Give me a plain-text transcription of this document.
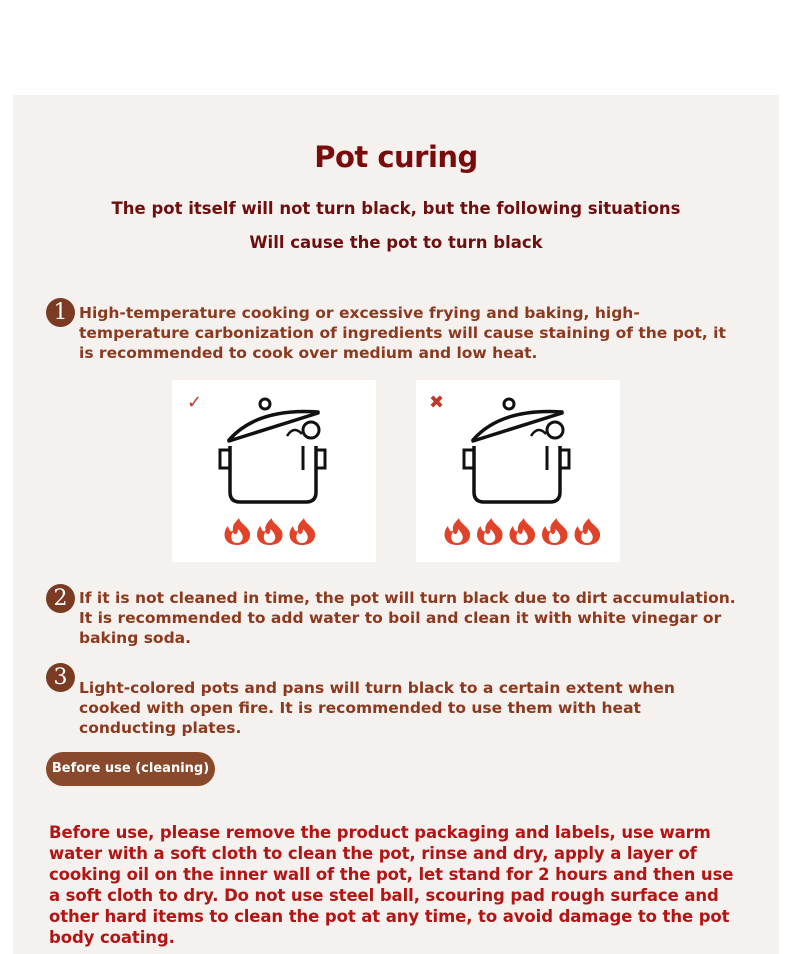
Pot curing
The pot itself will not turn black, but the following situations
Will cause the pot to turn black
1 High-temperature cooking or excessive frying and baking, high-temperature carbonization of ingredients will cause staining of the pot, it is recommended to cook over medium and low heat.
✓	✖
2 If it is not cleaned in time, the pot will turn black due to dirt accumulation. It is recommended to add water to boil and clean it with white vinegar or baking soda.
3 Light-colored pots and pans will turn black to a certain extent when cooked with open fire. It is recommended to use them with heat conducting plates.
Before use (cleaning)
Before use, please remove the product packaging and labels, use warm water with a soft cloth to clean the pot, rinse and dry, apply a layer of cooking oil on the inner wall of the pot, let stand for 2 hours and then use a soft cloth to dry. Do not use steel ball, scouring pad rough surface and other hard items to clean the pot at any time, to avoid damage to the pot body coating.
